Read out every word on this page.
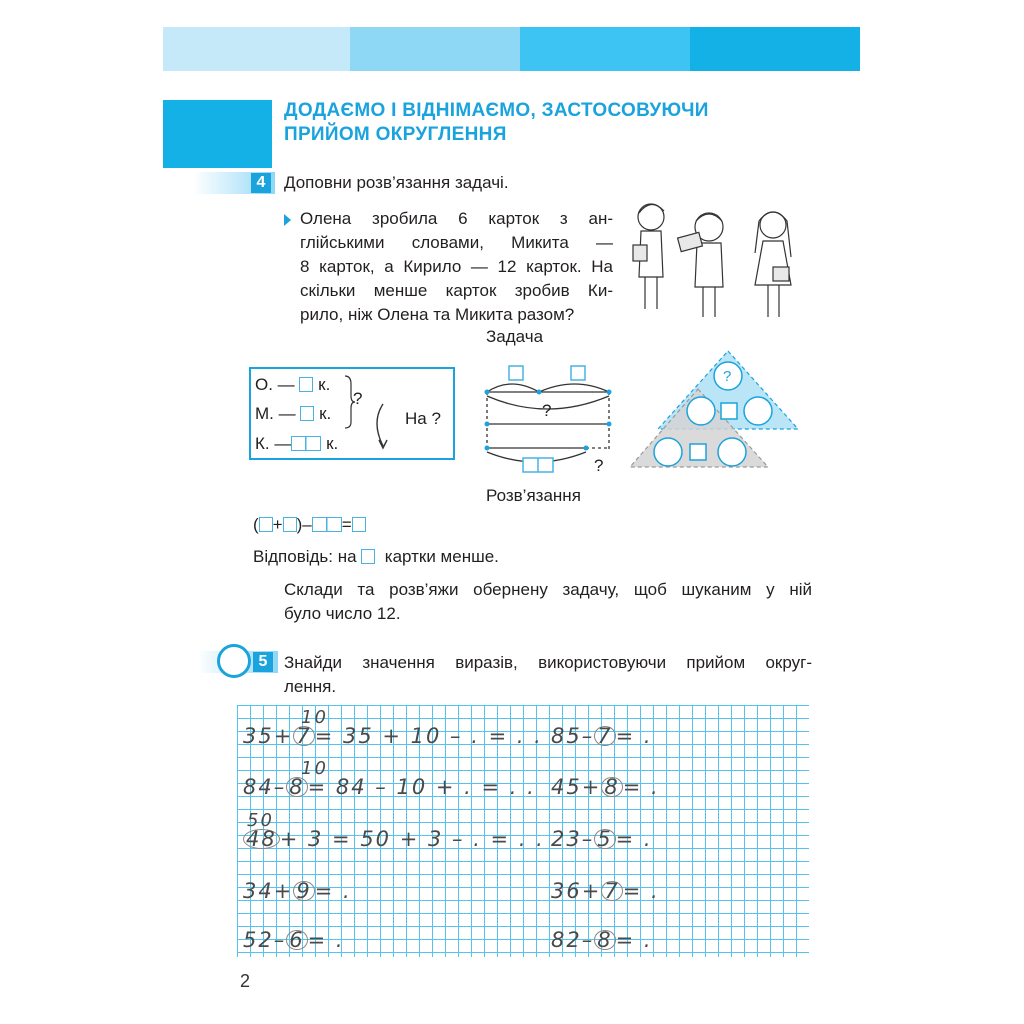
ДОДАЄМО І ВІДНІМАЄМО, ЗАСТОСОВУЮЧИ
ПРИЙОМ ОКРУГЛЕННЯ
4	Доповни розв’язання задачі.
Олена зробила 6 карток з ан-
глійськими словами, Микита —
8 карток, а Кирило — 12 карток. На
скільки менше карток зробив Ки-
рило, ніж Олена та Микита разом?
Задача
О. — к.
М. — к.
К. — к.
?
На ?	?
?
?
Розв’язання
( + )– =
Відповідь: на картки менше.
Склади та розв’яжи обернену задачу, щоб шуканим у ній
було число 12.
5 Знайди значення виразів, використовуючи прийом округ-
лення.
10
35+ 7 = 35 + 10 – . = . .
10
84– 8 = 84 – 10 + . = . .
50
48 + 3 = 50 + 3 – . = . .
34+ 9 = .
52– 6 = .
85– 7 = .
45+ 8 = .
23– 5 = .
36+ 7 = .
82– 8 = .
2
